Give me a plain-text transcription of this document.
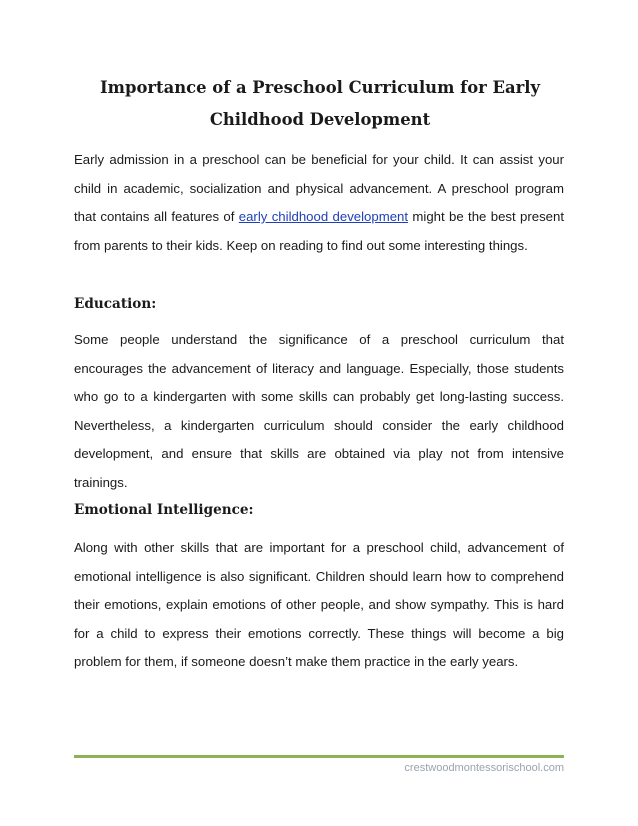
Importance of a Preschool Curriculum for Early
Childhood Development

Early admission in a preschool can be beneficial for your child. It can assist your child in academic, socialization and physical advancement. A preschool program that contains all features of early childhood development might be the best present from parents to their kids. Keep on reading to find out some interesting things.

Education:

Some people understand the significance of a preschool curriculum that encourages the advancement of literacy and language. Especially, those students who go to a kindergarten with some skills can probably get long-lasting success. Nevertheless, a kindergarten curriculum should consider the early childhood development, and ensure that skills are obtained via play not from intensive trainings.

Emotional Intelligence:

Along with other skills that are important for a preschool child, advancement of emotional intelligence is also significant. Children should learn how to comprehend their emotions, explain emotions of other people, and show sympathy. This is hard for a child to express their emotions correctly. These things will become a big problem for them, if someone doesn’t make them practice in the early years.

crestwoodmontessorischool.com
